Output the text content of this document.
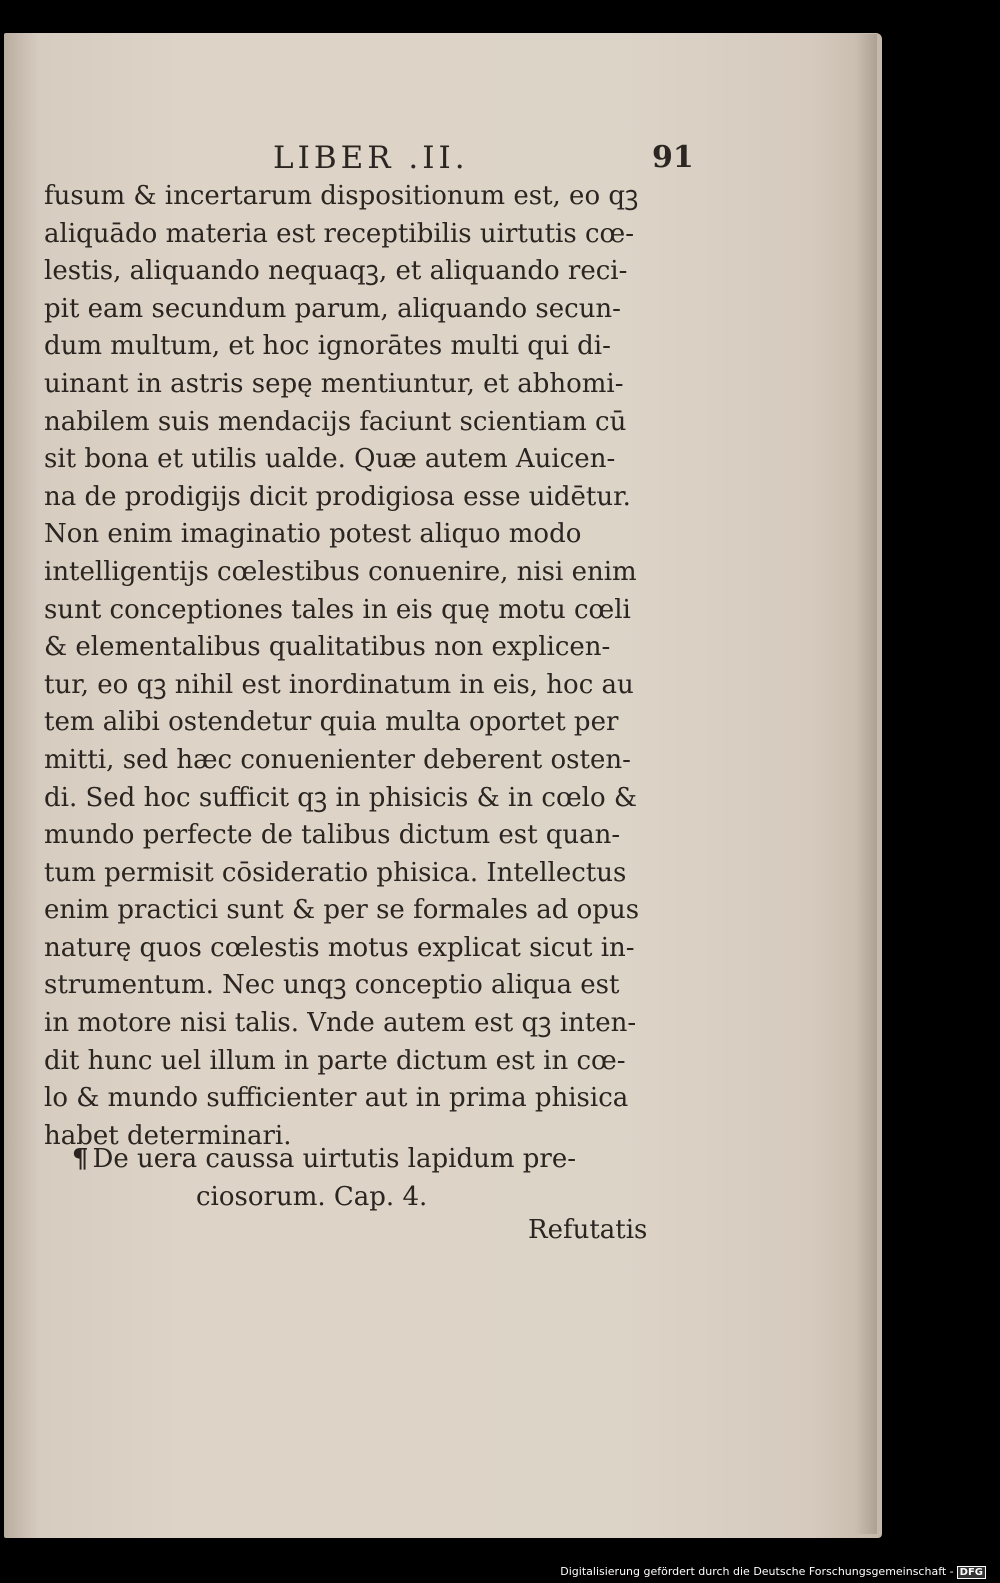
LIBER .II.	91
fusum & incertarum dispositionum est, eo qꝫ
aliquādo materia est receptibilis uirtutis cœ-
lestis, aliquando nequaqꝫ, et aliquando reci-
pit eam secundum parum, aliquando secun-
dum multum, et hoc ignorātes multi qui di-
uinant in astris sepę mentiuntur, et abhomi-
nabilem suis mendacijs faciunt scientiam cū
sit bona et utilis ualde. Quæ autem Auicen-
na de prodigijs dicit prodigiosa esse uidētur.
Non enim imaginatio potest aliquo modo
intelligentijs cœlestibus conuenire, nisi enim
sunt conceptiones tales in eis quę motu cœli
& elementalibus qualitatibus non explicen-
tur, eo qꝫ nihil est inordinatum in eis, hoc au
tem alibi ostendetur quia multa oportet per
mitti, sed hæc conuenienter deberent osten-
di. Sed hoc sufficit qꝫ in phisicis & in cœlo &
mundo perfecte de talibus dictum est quan-
tum permisit cōsideratio phisica. Intellectus
enim practici sunt & per se formales ad opus
naturę quos cœlestis motus explicat sicut in-
strumentum. Nec unqꝫ conceptio aliqua est
in motore nisi talis. Vnde autem est qꝫ inten-
dit hunc uel illum in parte dictum est in cœ-
lo & mundo sufficienter aut in prima phisica
habet determinari.
¶ De uera caussa uirtutis lapidum pre-
ciosorum. Cap. 4.
Refutatis
Digitalisierung gefördert durch die Deutsche Forschungsgemeinschaft - DFG
